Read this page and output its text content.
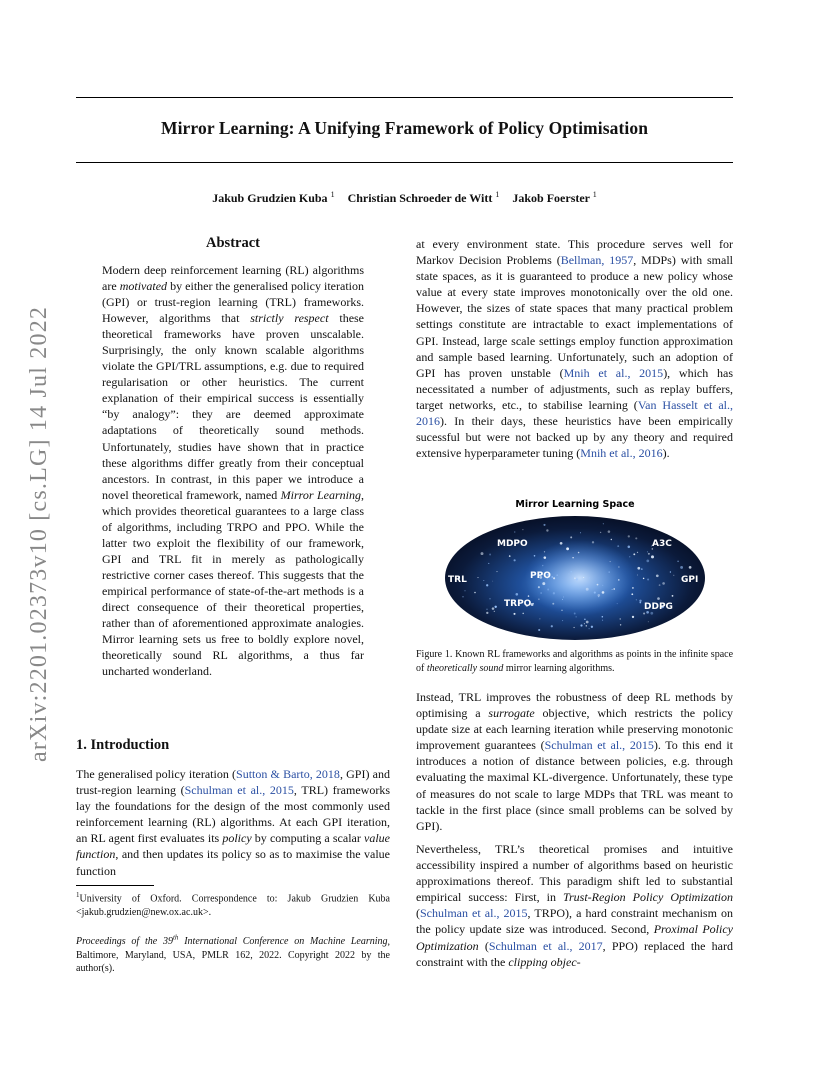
Mirror Learning: A Unifying Framework of Policy Optimisation
Jakub Grudzien Kuba $^1$ Christian Schroeder de Witt $^1$ Jakob Foerster $^1$
arXiv:2201.02373v10 [cs.LG] 14 Jul 2022
Abstract

Modern deep reinforcement learning (RL) algorithms are motivated by either the generalised policy iteration (GPI) or trust-region learning (TRL) frameworks. However, algorithms that strictly respect these theoretical frameworks have proven unscalable. Surprisingly, the only known scalable algorithms violate the GPI/TRL assumptions, e.g. due to required regularisation or other heuristics. The current explanation of their empirical success is essentially “by analogy”: they are deemed approximate adaptations of theoretically sound methods. Unfortunately, studies have shown that in practice these algorithms differ greatly from their conceptual ancestors. In contrast, in this paper we introduce a novel theoretical framework, named Mirror Learning, which provides theoretical guarantees to a large class of algorithms, including TRPO and PPO. While the latter two exploit the flexibility of our framework, GPI and TRL fit in merely as pathologically restrictive corner cases thereof. This suggests that the empirical performance of state-of-the-art methods is a direct consequence of their theoretical properties, rather than of aforementioned approximate analogies. Mirror learning sets us free to boldly explore novel, theoretically sound RL algorithms, a thus far uncharted wonderland.

1. Introduction

The generalised policy iteration (Sutton & Barto, 2018, GPI) and trust-region learning (Schulman et al., 2015, TRL) frameworks lay the foundations for the design of the most commonly used reinforcement learning (RL) algorithms. At each GPI iteration, an RL agent first evaluates its policy by computing a scalar value function, and then updates its policy so as to maximise the value function

$^1$University of Oxford. Correspondence to: Jakub Grudzien Kuba <jakub.grudzien@new.ox.ac.uk>.
Proceedings of the 39th International Conference on Machine Learning, Baltimore, Maryland, USA, PMLR 162, 2022. Copyright 2022 by the author(s).

at every environment state. This procedure serves well for Markov Decision Problems (Bellman, 1957, MDPs) with small state spaces, as it is guaranteed to produce a new policy whose value at every state improves monotonically over the old one. However, the sizes of state spaces that many practical problem settings constitute are intractable to exact implementations of GPI. Instead, large scale settings employ function approximation and sample based learning. Unfortunately, such an adoption of GPI has proven unstable (Mnih et al., 2015), which has necessitated a number of adjustments, such as replay buffers, target networks, etc., to stabilise learning (Van Hasselt et al., 2016). In their days, these heuristics have been empirically sucessful but were not backed up by any theory and required extensive hyperparameter tuning (Mnih et al., 2016).

Mirror Learning Space
MDPO	A3C
PPO
TRL	GPI
TRPO	DDPG
Figure 1. Known RL frameworks and algorithms as points in the infinite space of theoretically sound mirror learning algorithms.

Instead, TRL improves the robustness of deep RL methods by optimising a surrogate objective, which restricts the policy update size at each learning iteration while preserving monotonic improvement guarantees (Schulman et al., 2015). To this end it introduces a notion of distance between policies, e.g. through evaluating the maximal KL-divergence. Unfortunately, these type of measures do not scale to large MDPs that TRL was meant to tackle in the first place (since small problems can be solved by GPI).

Nevertheless, TRL’s theoretical promises and intuitive accessibility inspired a number of algorithms based on heuristic approximations thereof. This paradigm shift led to substantial empirical success: First, in Trust-Region Policy Optimization (Schulman et al., 2015, TRPO), a hard constraint mechanism on the policy update size was introduced. Second, Proximal Policy Optimization (Schulman et al., 2017, PPO) replaced the hard constraint with the clipping objec-
